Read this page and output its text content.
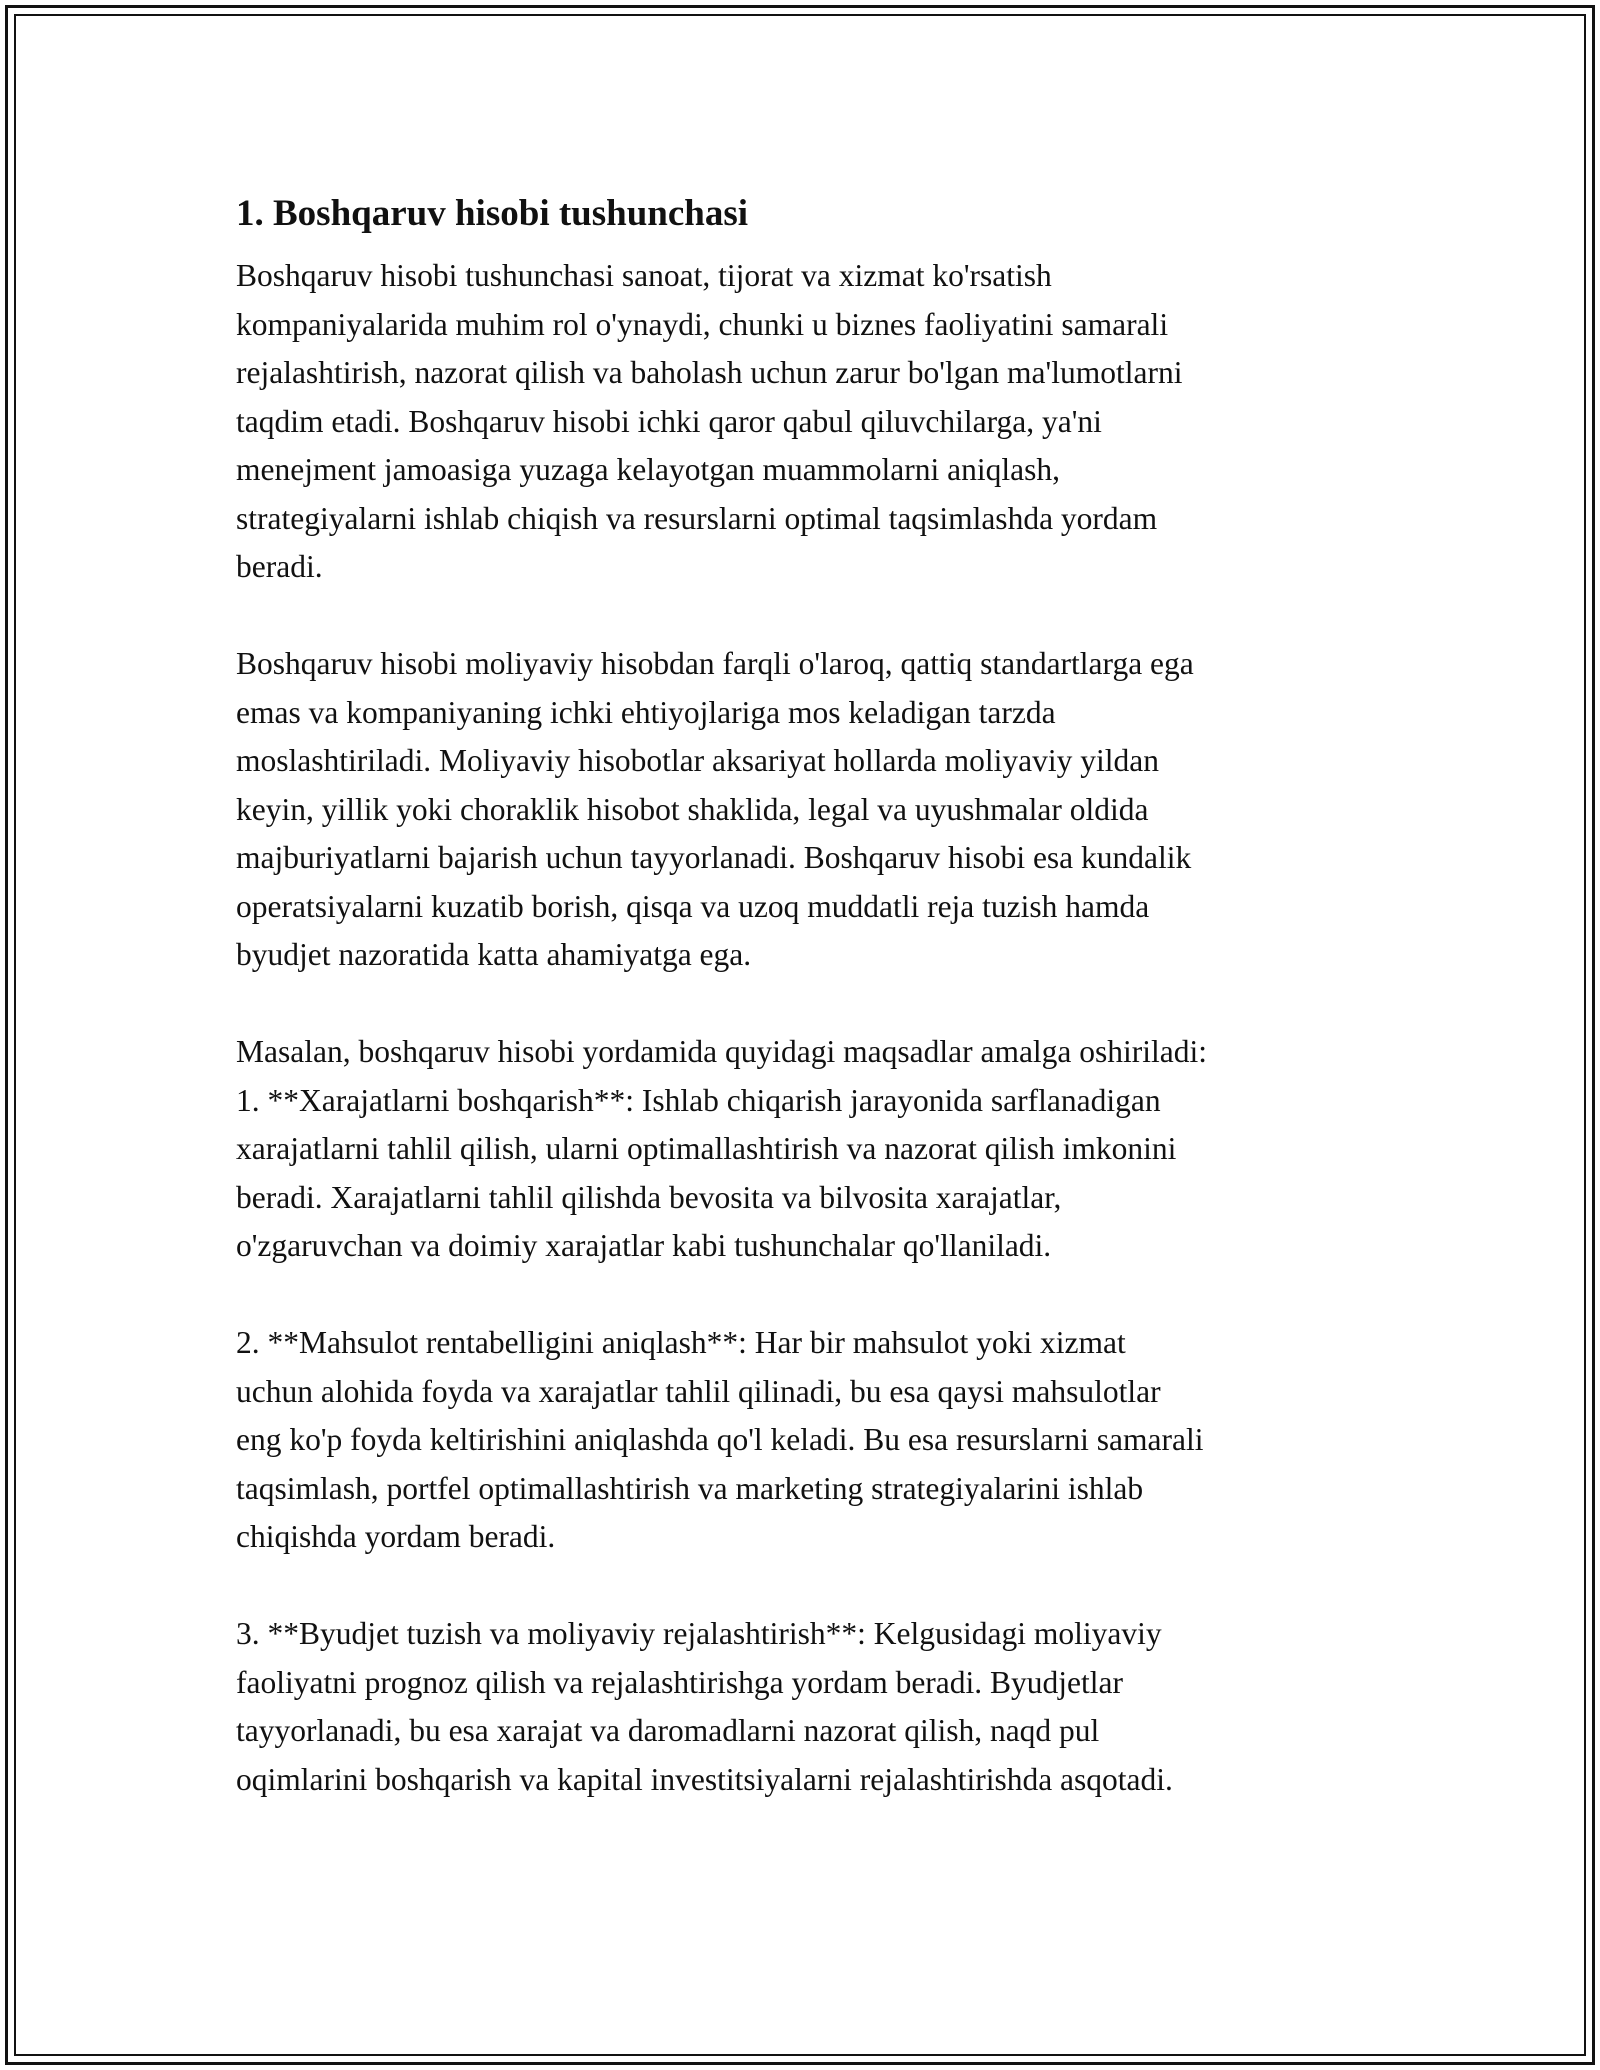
1. Boshqaruv hisobi tushunchasi
Boshqaruv hisobi tushunchasi sanoat, tijorat va xizmat ko'rsatish
kompaniyalarida muhim rol o'ynaydi, chunki u biznes faoliyatini samarali
rejalashtirish, nazorat qilish va baholash uchun zarur bo'lgan ma'lumotlarni
taqdim etadi. Boshqaruv hisobi ichki qaror qabul qiluvchilarga, ya'ni
menejment jamoasiga yuzaga kelayotgan muammolarni aniqlash,
strategiyalarni ishlab chiqish va resurslarni optimal taqsimlashda yordam
beradi.

Boshqaruv hisobi moliyaviy hisobdan farqli o'laroq, qattiq standartlarga ega
emas va kompaniyaning ichki ehtiyojlariga mos keladigan tarzda
moslashtiriladi. Moliyaviy hisobotlar aksariyat hollarda moliyaviy yildan
keyin, yillik yoki choraklik hisobot shaklida, legal va uyushmalar oldida
majburiyatlarni bajarish uchun tayyorlanadi. Boshqaruv hisobi esa kundalik
operatsiyalarni kuzatib borish, qisqa va uzoq muddatli reja tuzish hamda
byudjet nazoratida katta ahamiyatga ega.

Masalan, boshqaruv hisobi yordamida quyidagi maqsadlar amalga oshiriladi:
1. **Xarajatlarni boshqarish**: Ishlab chiqarish jarayonida sarflanadigan
xarajatlarni tahlil qilish, ularni optimallashtirish va nazorat qilish imkonini
beradi. Xarajatlarni tahlil qilishda bevosita va bilvosita xarajatlar,
o'zgaruvchan va doimiy xarajatlar kabi tushunchalar qo'llaniladi.

2. **Mahsulot rentabelligini aniqlash**: Har bir mahsulot yoki xizmat
uchun alohida foyda va xarajatlar tahlil qilinadi, bu esa qaysi mahsulotlar
eng ko'p foyda keltirishini aniqlashda qo'l keladi. Bu esa resurslarni samarali
taqsimlash, portfel optimallashtirish va marketing strategiyalarini ishlab
chiqishda yordam beradi.

3. **Byudjet tuzish va moliyaviy rejalashtirish**: Kelgusidagi moliyaviy
faoliyatni prognoz qilish va rejalashtirishga yordam beradi. Byudjetlar
tayyorlanadi, bu esa xarajat va daromadlarni nazorat qilish, naqd pul
oqimlarini boshqarish va kapital investitsiyalarni rejalashtirishda asqotadi.
